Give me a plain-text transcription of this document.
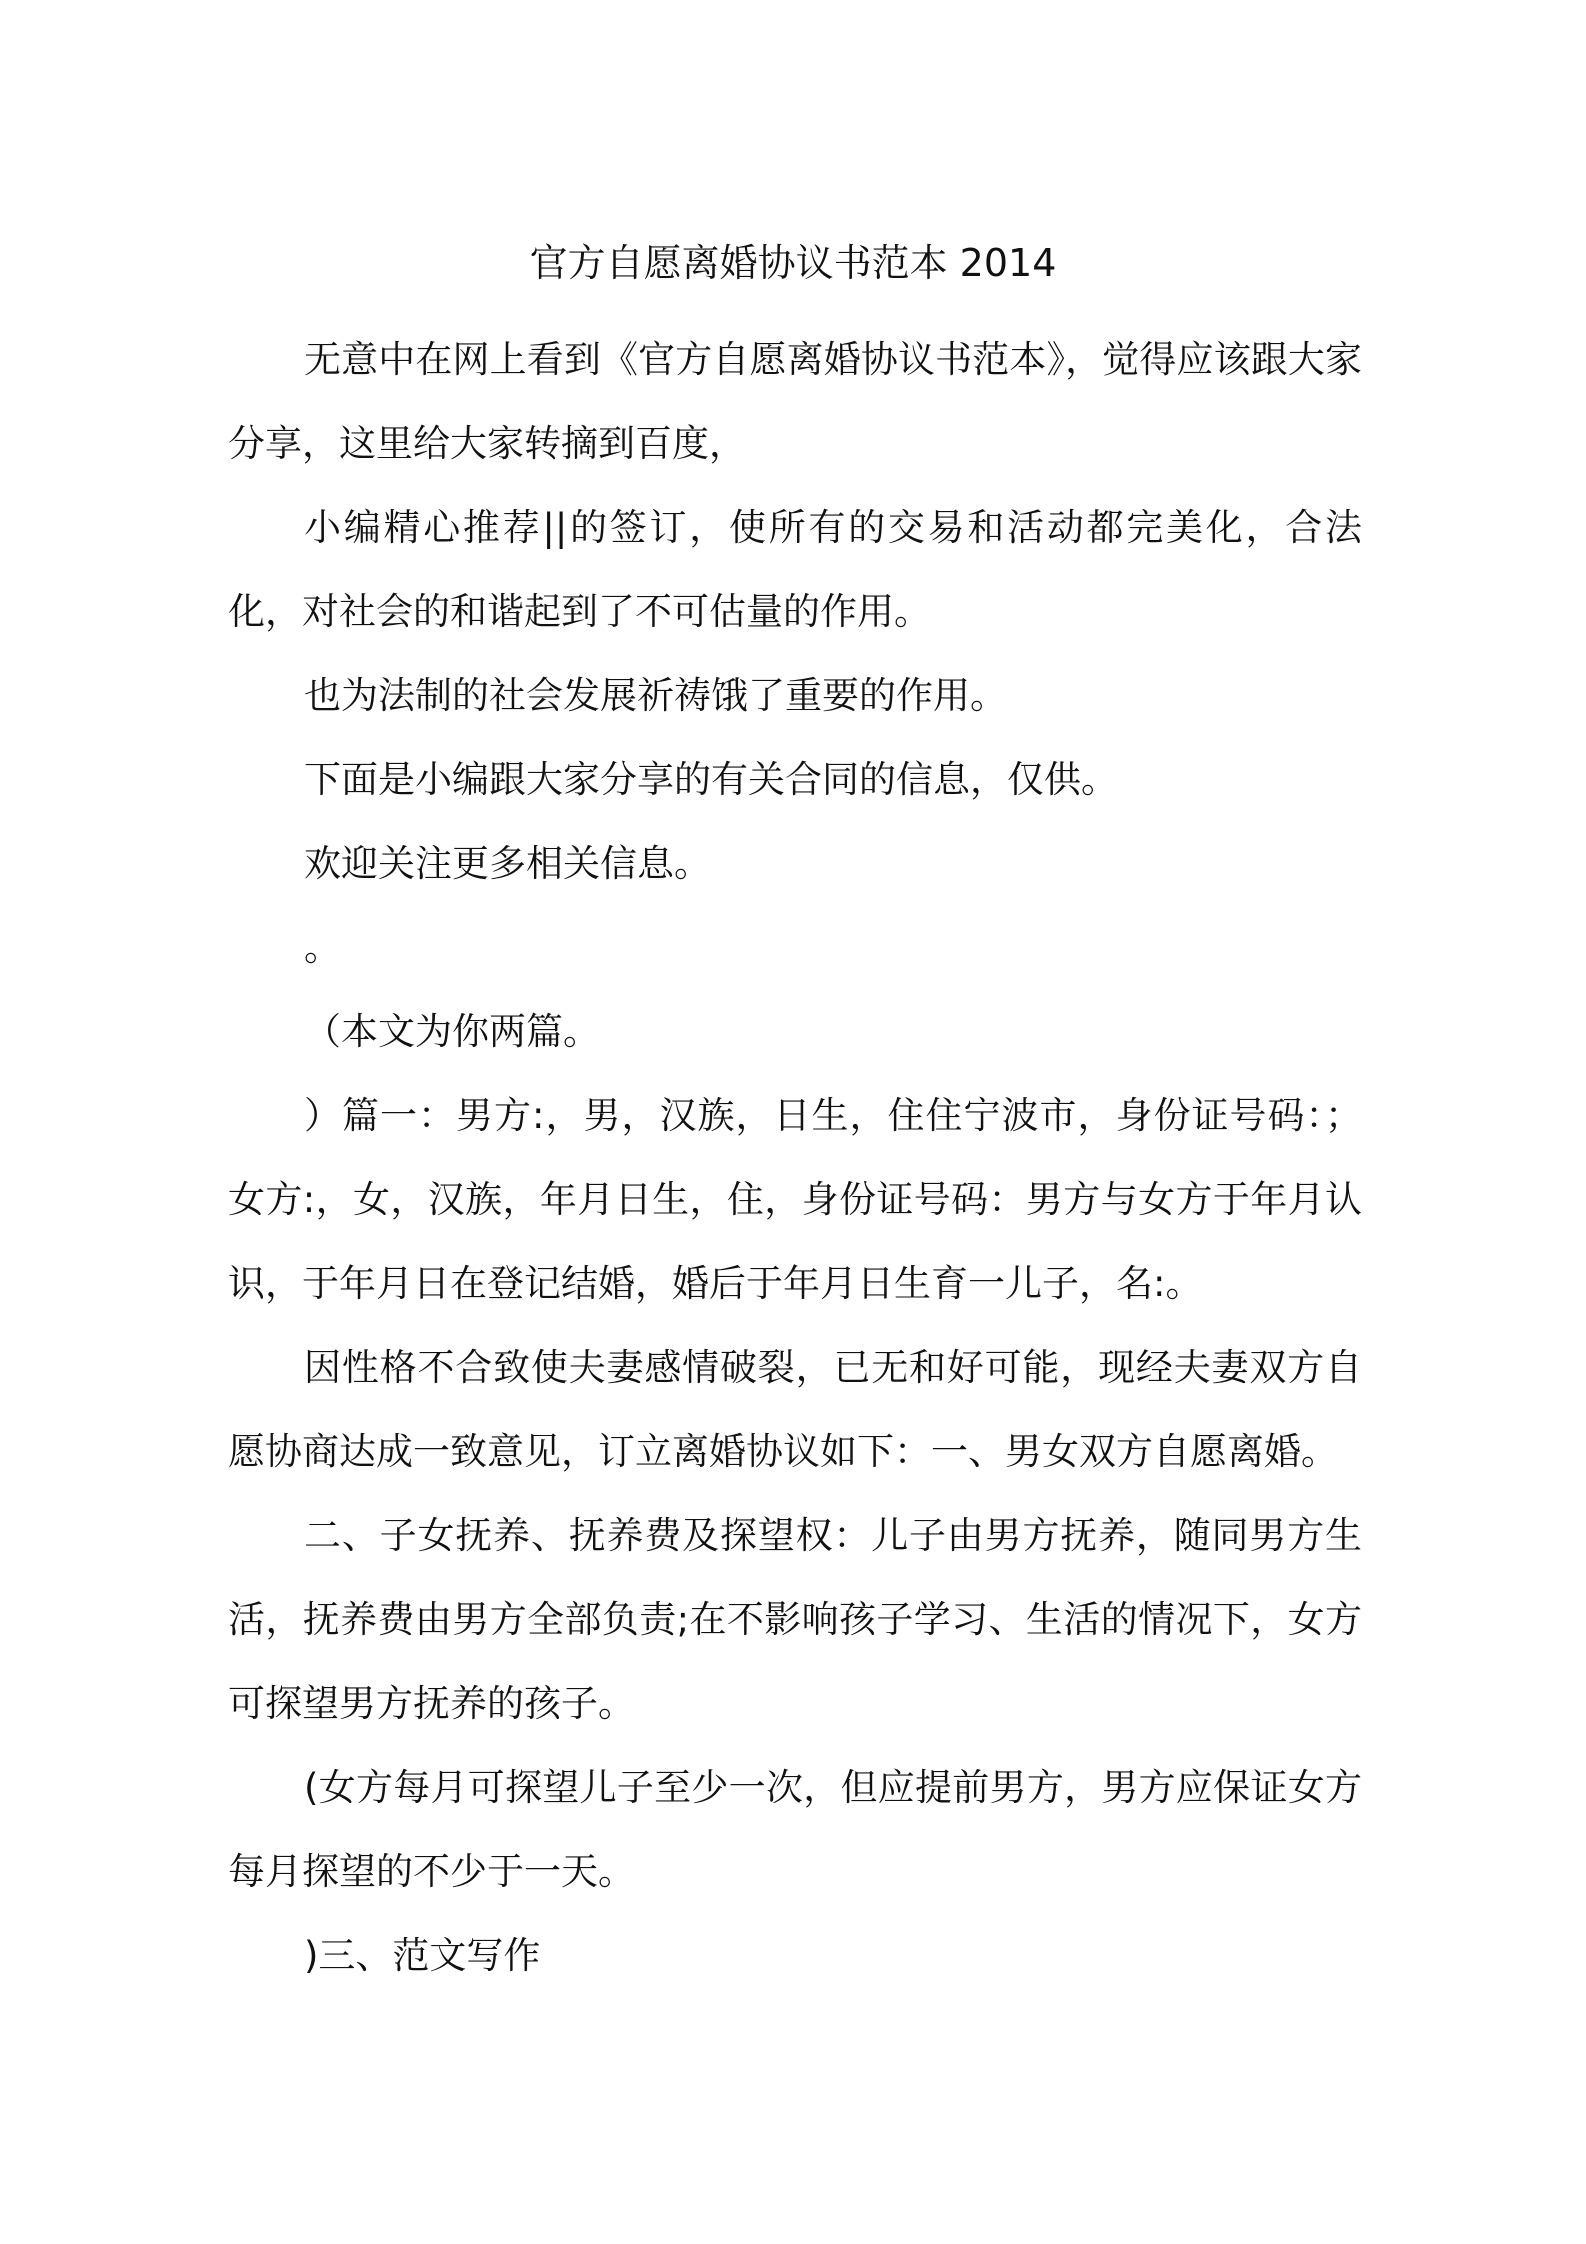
官方自愿离婚协议书范本 2014

无意中在网上看到《官方自愿离婚协议书范本》，觉得应该跟大家分享，这里给大家转摘到百度，

小编精心推荐||的签订，使所有的交易和活动都完美化，合法化，对社会的和谐起到了不可估量的作用。

也为法制的社会发展祈祷饿了重要的作用。

下面是小编跟大家分享的有关合同的信息，仅供。

欢迎关注更多相关信息。

。

（本文为你两篇。

）篇一：男方:，男，汉族，日生，住住宁波市，身份证号码：；女方:，女，汉族，年月日生，住，身份证号码：男方与女方于年月认识，于年月日在登记结婚，婚后于年月日生育一儿子，名:。

因性格不合致使夫妻感情破裂，已无和好可能，现经夫妻双方自愿协商达成一致意见，订立离婚协议如下：一、男女双方自愿离婚。

二、子女抚养、抚养费及探望权：儿子由男方抚养，随同男方生活，抚养费由男方全部负责;在不影响孩子学习、生活的情况下，女方可探望男方抚养的孩子。

(女方每月可探望儿子至少一次，但应提前男方，男方应保证女方每月探望的不少于一天。

)三、范文写作
